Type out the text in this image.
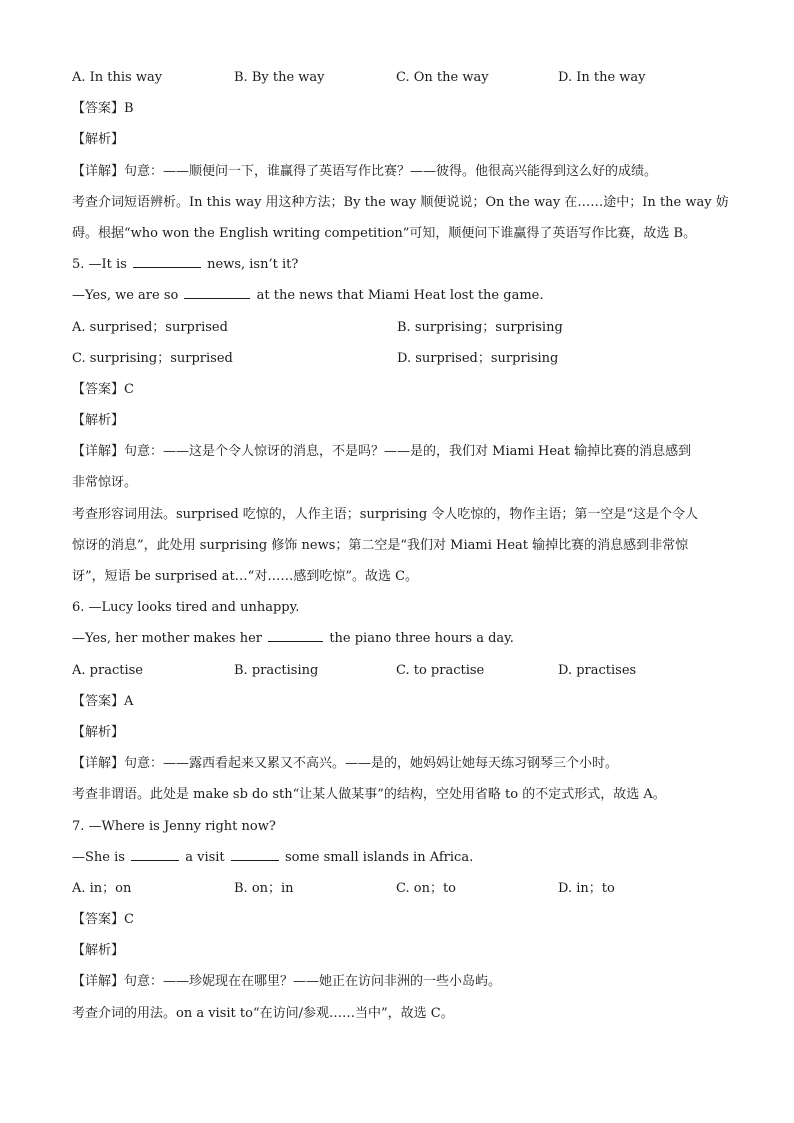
A. In this way	B. By the way	C. On the way	D. In the way
【答案】B
【解析】
【详解】句意：——顺便问一下，谁赢得了英语写作比赛？——彼得。他很高兴能得到这么好的成绩。
考查介词短语辨析。In this way 用这种方法；By the way 顺便说说；On the way 在……途中；In the way 妨
碍。根据“who won the English writing competition”可知，顺便问下谁赢得了英语写作比赛，故选 B。
5. —It is	news, isn’t it?
—Yes, we are so	at the news that Miami Heat lost the game.
A. surprised；surprised	B. surprising；surprising
C. surprising；surprised	D. surprised；surprising
【答案】C
【解析】
【详解】句意：——这是个令人惊讶的消息，不是吗？——是的，我们对 Miami Heat 输掉比赛的消息感到
非常惊讶。
考查形容词用法。surprised 吃惊的，人作主语；surprising 令人吃惊的，物作主语；第一空是“这是个令人
惊讶的消息”，此处用 surprising 修饰 news；第二空是“我们对 Miami Heat 输掉比赛的消息感到非常惊
讶”，短语 be surprised at…“对……感到吃惊”。故选 C。
6. —Lucy looks tired and unhappy.
—Yes, her mother makes her	the piano three hours a day.
A. practise	B. practising	C. to practise	D. practises
【答案】A
【解析】
【详解】句意：——露西看起来又累又不高兴。——是的，她妈妈让她每天练习钢琴三个小时。
考查非谓语。此处是 make sb do sth“让某人做某事”的结构，空处用省略 to 的不定式形式，故选 A。
7. —Where is Jenny right now?
—She is	a visit	some small islands in Africa.
A. in；on	B. on；in	C. on；to	D. in；to
【答案】C
【解析】
【详解】句意：——珍妮现在在哪里？——她正在访问非洲的一些小岛屿。
考查介词的用法。on a visit to“在访问/参观……当中”，故选 C。
